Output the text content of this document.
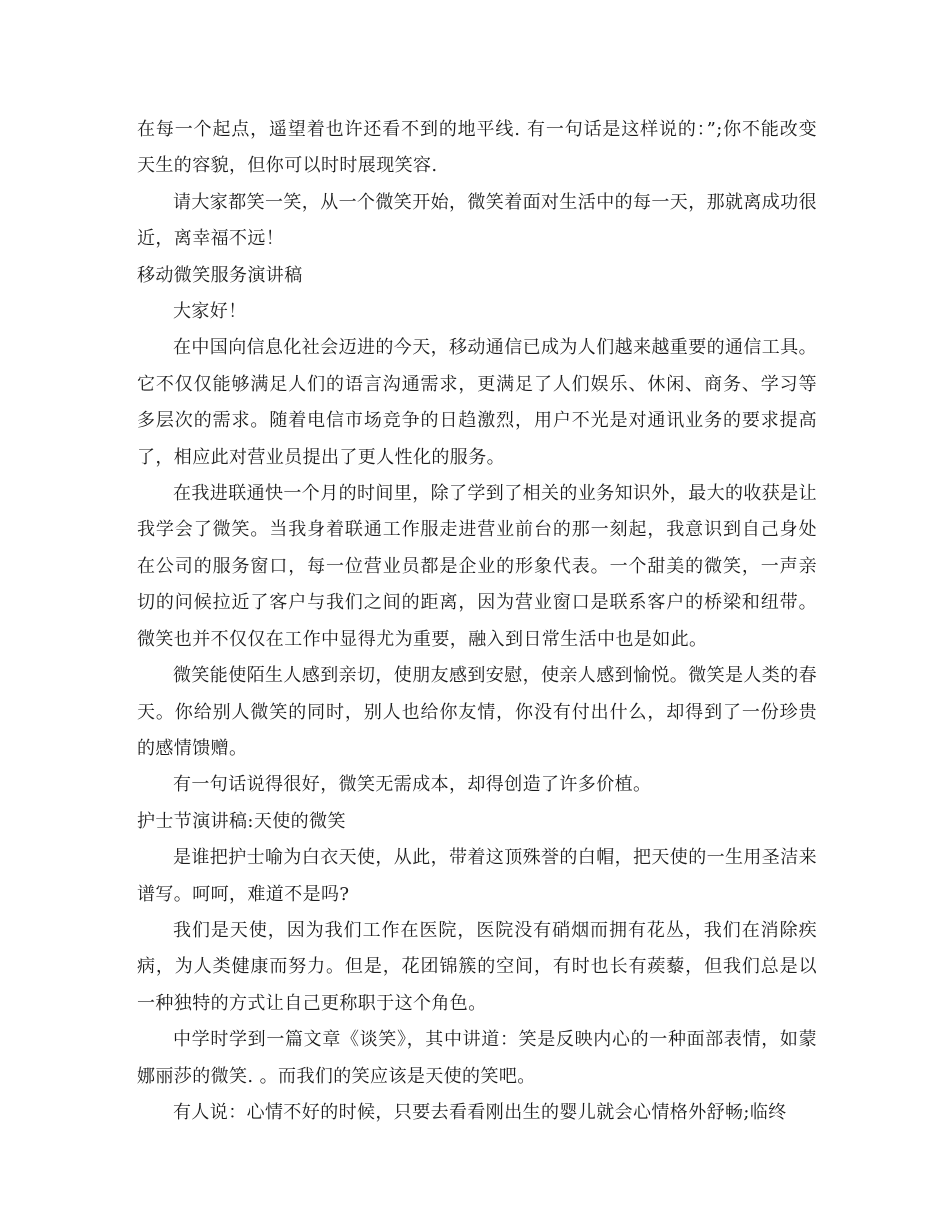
在每一个起点，遥望着也许还看不到的地平线. 有一句话是这样说的：”;你不能改变天生的容貌，但你可以时时展现笑容.

请大家都笑一笑，从一个微笑开始，微笑着面对生活中的每一天，那就离成功很近，离幸福不远！

移动微笑服务演讲稿

大家好！

在中国向信息化社会迈进的今天，移动通信已成为人们越来越重要的通信工具。它不仅仅能够满足人们的语言沟通需求，更满足了人们娱乐、休闲、商务、学习等多层次的需求。随着电信市场竞争的日趋激烈，用户不光是对通讯业务的要求提高了，相应此对营业员提出了更人性化的服务。

在我进联通快一个月的时间里，除了学到了相关的业务知识外，最大的收获是让我学会了微笑。当我身着联通工作服走进营业前台的那一刻起，我意识到自己身处在公司的服务窗口，每一位营业员都是企业的形象代表。一个甜美的微笑，一声亲切的问候拉近了客户与我们之间的距离，因为营业窗口是联系客户的桥梁和纽带。微笑也并不仅仅在工作中显得尤为重要，融入到日常生活中也是如此。

微笑能使陌生人感到亲切，使朋友感到安慰，使亲人感到愉悦。微笑是人类的春天。你给别人微笑的同时，别人也给你友情，你没有付出什么，却得到了一份珍贵的感情馈赠。

有一句话说得很好，微笑无需成本，却得创造了许多价植。

护士节演讲稿:天使的微笑

是谁把护士喻为白衣天使，从此，带着这顶殊誉的白帽，把天使的一生用圣洁来谱写。呵呵，难道不是吗?

我们是天使，因为我们工作在医院，医院没有硝烟而拥有花丛，我们在消除疾病，为人类健康而努力。但是，花团锦簇的空间，有时也长有蒺藜，但我们总是以一种独特的方式让自己更称职于这个角色。

中学时学到一篇文章《谈笑》，其中讲道：笑是反映内心的一种面部表情，如蒙娜丽莎的微笑. 。而我们的笑应该是天使的笑吧。

有人说：心情不好的时候，只要去看看刚出生的婴儿就会心情格外舒畅;临终
